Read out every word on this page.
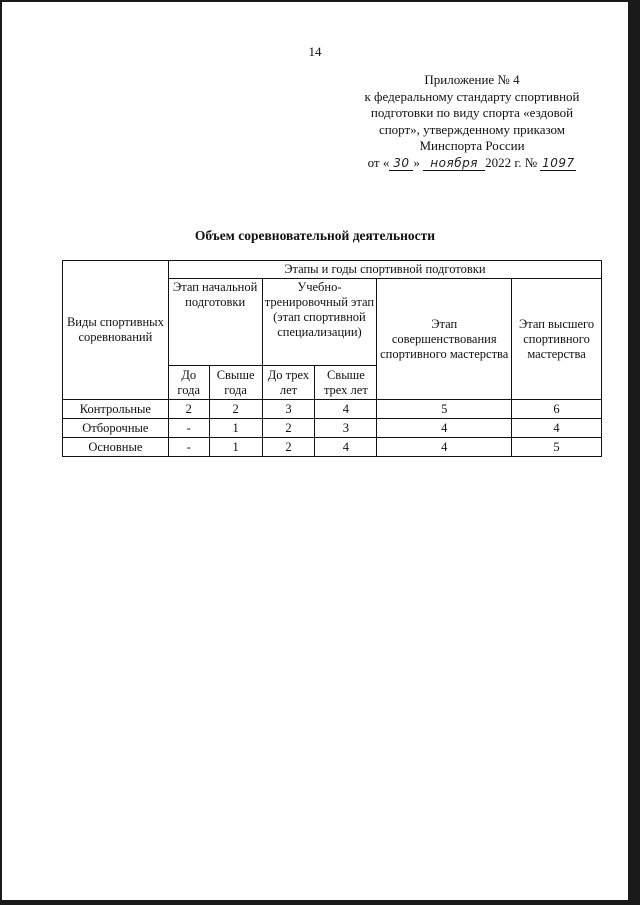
14
Приложение № 4
к федеральному стандарту спортивной
подготовки по виду спорта «ездовой
спорт», утвержденному приказом
Минспорта России
от « 30 » ноября 2022 г. № 1097
Объем соревновательной деятельности
Виды спортивных соревнований	Этапы и годы спортивной подготовки					
	Этап начальной подготовки		Учебно-тренировочный этап (этап спортивной специализации)		Этап совершенствования спортивного мастерства	Этап высшего спортивного мастерства
	До года	Свыше года	До трех лет	Свыше трех лет		
Контрольные	2	2	3	4	5	6
Отборочные	-	1	2	3	4	4
Основные	-	1	2	4	4	5
